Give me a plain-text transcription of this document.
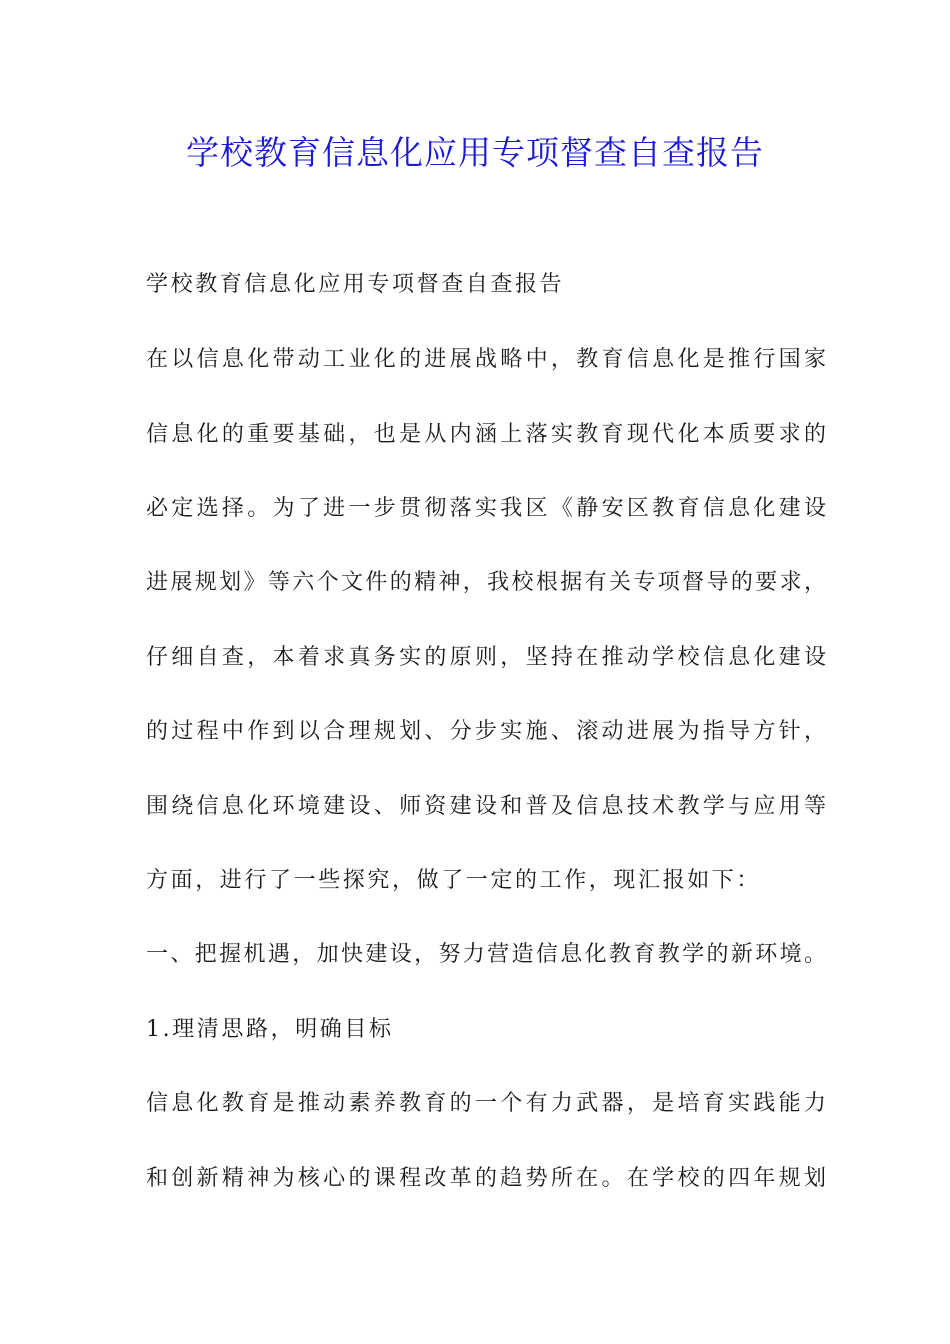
学校教育信息化应用专项督查自查报告
学校教育信息化应用专项督查自查报告
在以信息化带动工业化的进展战略中，教育信息化是推行国家
信息化的重要基础，也是从内涵上落实教育现代化本质要求的
必定选择。为了进一步贯彻落实我区《静安区教育信息化建设
进展规划》等六个文件的精神，我校根据有关专项督导的要求，
仔细自查，本着求真务实的原则，坚持在推动学校信息化建设
的过程中作到以合理规划、分步实施、滚动进展为指导方针，
围绕信息化环境建设、师资建设和普及信息技术教学与应用等
方面，进行了一些探究，做了一定的工作，现汇报如下：
一、把握机遇，加快建设，努力营造信息化教育教学的新环境。
1.理清思路，明确目标
信息化教育是推动素养教育的一个有力武器，是培育实践能力
和创新精神为核心的课程改革的趋势所在。在学校的四年规划
